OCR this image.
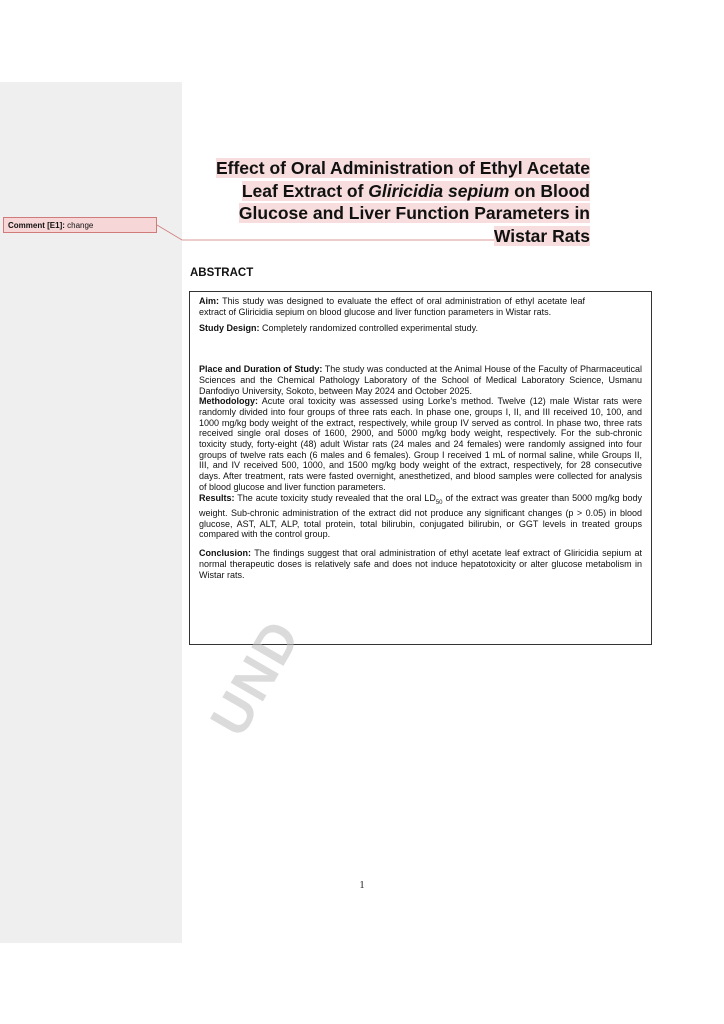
Comment [E1]: change
Effect of Oral Administration of Ethyl Acetate
Leaf Extract of Gliricidia sepium on Blood
Glucose and Liver Function Parameters in
Wistar Rats
ABSTRACT

Aim: This study was designed to evaluate the effect of oral administration of ethyl acetate leaf extract of Gliricidia sepium on blood glucose and liver function parameters in Wistar rats.

Study Design: Completely randomized controlled experimental study.

Place and Duration of Study: The study was conducted at the Animal House of the Faculty of Pharmaceutical Sciences and the Chemical Pathology Laboratory of the School of Medical Laboratory Science, Usmanu Danfodiyo University, Sokoto, between May 2024 and October 2025.

Methodology: Acute oral toxicity was assessed using Lorke’s method. Twelve (12) male Wistar rats were randomly divided into four groups of three rats each. In phase one, groups I, II, and III received 10, 100, and 1000 mg/kg body weight of the extract, respectively, while group IV served as control. In phase two, three rats received single oral doses of 1600, 2900, and 5000 mg/kg body weight, respectively. For the sub-chronic toxicity study, forty-eight (48) adult Wistar rats (24 males and 24 females) were randomly assigned into four groups of twelve rats each (6 males and 6 females). Group I received 1 mL of normal saline, while Groups II, III, and IV received 500, 1000, and 1500 mg/kg body weight of the extract, respectively, for 28 consecutive days. After treatment, rats were fasted overnight, anesthetized, and blood samples were collected for analysis of blood glucose and liver function parameters.

Results: The acute toxicity study revealed that the oral $LD_{50}$ of the extract was greater than 5000 mg/kg body weight. Sub-chronic administration of the extract did not produce any significant changes (p > 0.05) in blood glucose, AST, ALT, ALP, total protein, total bilirubin, conjugated bilirubin, or GGT levels in treated groups compared with the control group.

Conclusion: The findings suggest that oral administration of ethyl acetate leaf extract of Gliricidia sepium at normal therapeutic doses is relatively safe and does not induce hepatotoxicity or alter glucose metabolism in Wistar rats.

UND
1
